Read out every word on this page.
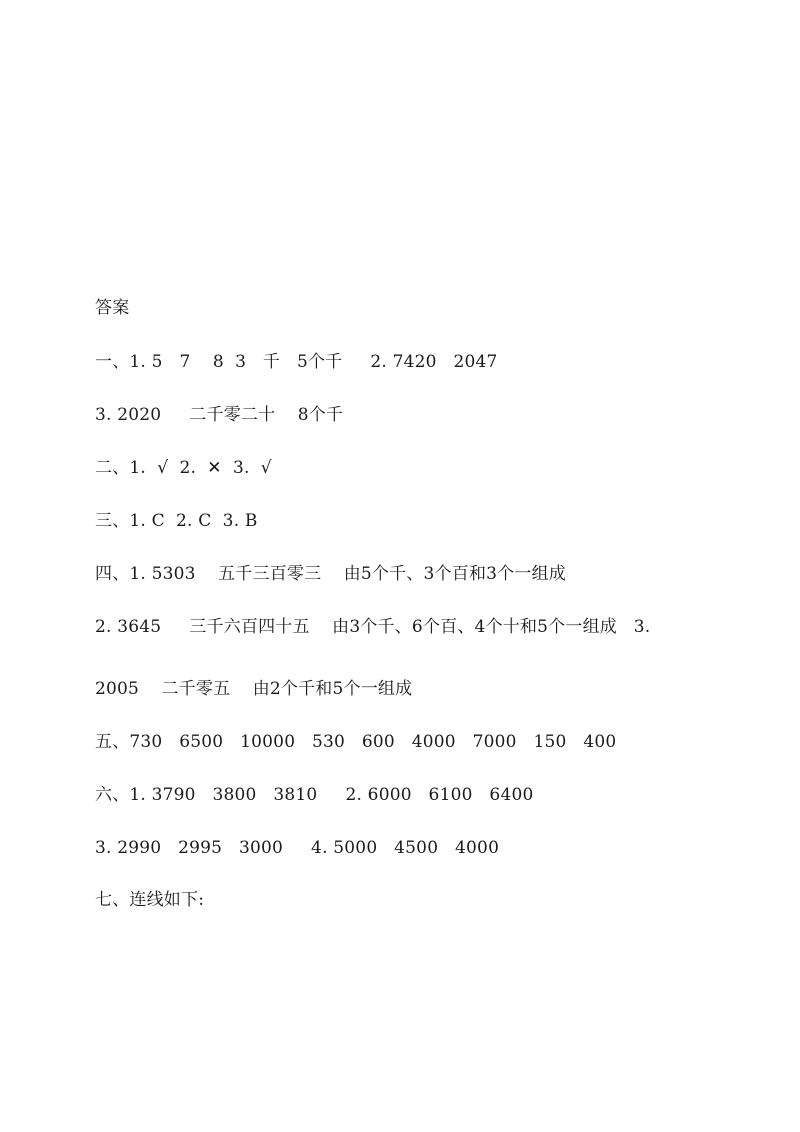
答案
一、1. 5   7    8  3   千   5个千     2. 7420   2047
3. 2020     二千零二十    8个千
二、1.  √  2.  ✕  3.  √
三、1. C  2. C  3. B
四、1. 5303    五千三百零三    由5个千、3个百和3个一组成
2. 3645     三千六百四十五    由3个千、6个百、4个十和5个一组成   3.
2005    二千零五    由2个千和5个一组成
五、730   6500   10000   530   600   4000   7000   150   400
六、1. 3790   3800   3810     2. 6000   6100   6400
3. 2990   2995   3000     4. 5000   4500   4000
七、连线如下:
